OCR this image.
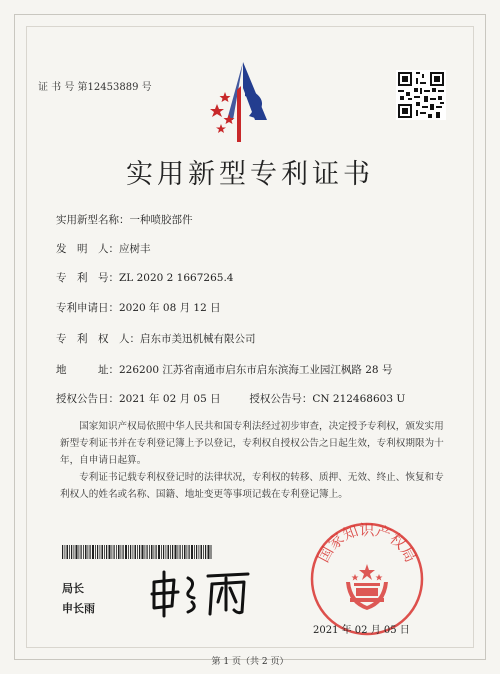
证 书 号 第12453889 号
实用新型专利证书
实用新型名称：一种喷胶部件
发　明　人：应树丰
专　利　号：ZL 2020 2 1667265.4
专利申请日：2020 年 08 月 12 日
专　利　权　人：启东市美迅机械有限公司
地　　　址：226200 江苏省南通市启东市启东滨海工业园江枫路 28 号
授权公告日：2021 年 02 月 05 日	授权公告号：CN 212468603 U
国家知识产权局依照中华人民共和国专利法经过初步审查，决定授予专利权，颁发实用新型专利证书并在专利登记簿上予以登记，专利权自授权公告之日起生效，专利权期限为十年，自申请日起算。
专利证书记载专利权登记时的法律状况，专利权的转移、质押、无效、终止、恢复和专利权人的姓名或名称、国籍、地址变更等事项记载在专利登记簿上。
局长
申长雨
国家知识产权局
2021 年 02 月 05 日
第 1 页（共 2 页）
